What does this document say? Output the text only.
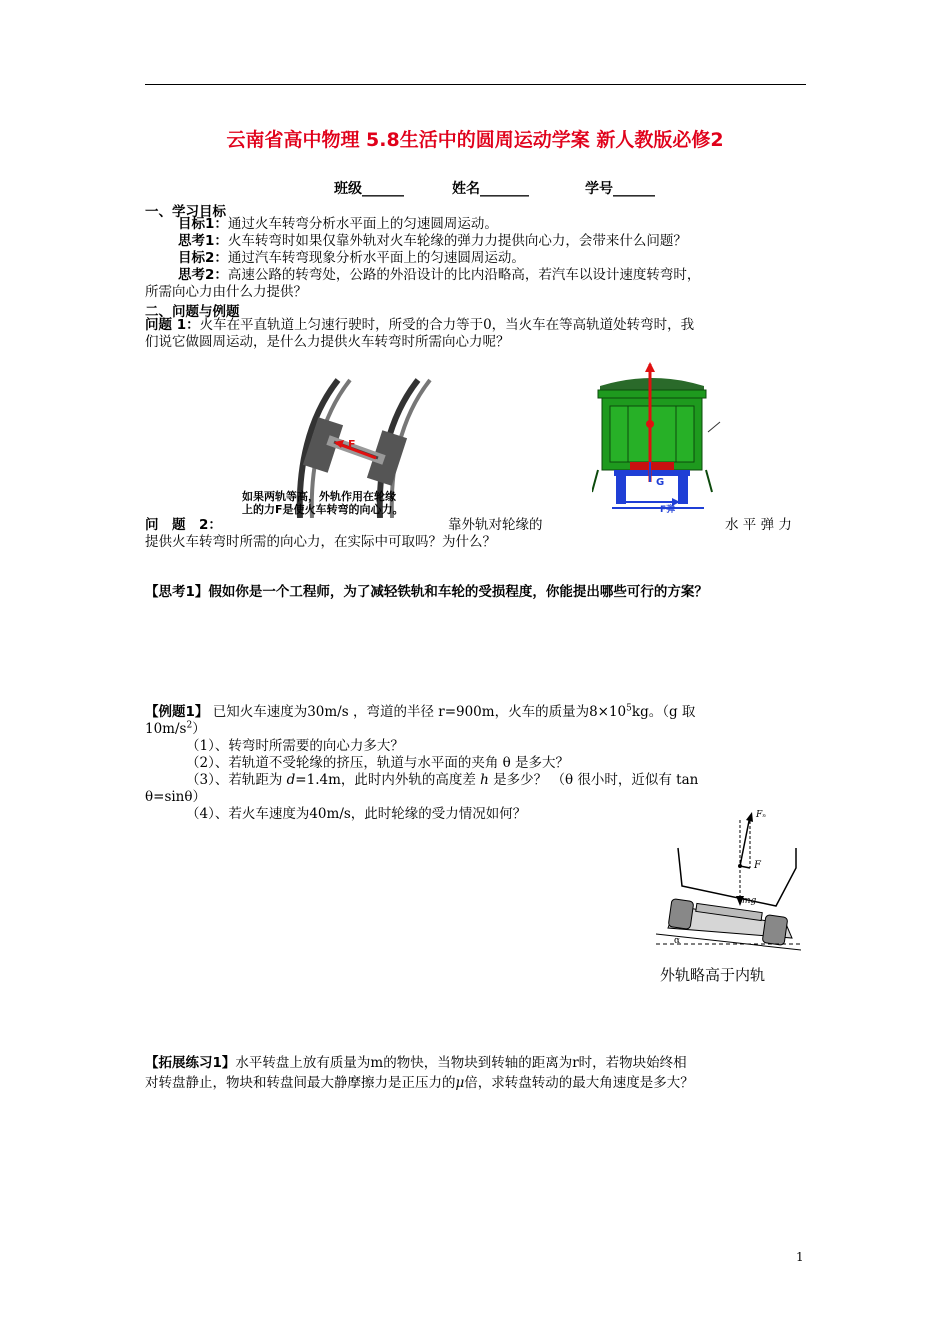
云南省高中物理 5.8生活中的圆周运动学案 新人教版必修2
班级______	姓名_______	学号______
一、学习目标
目标1：通过火车转弯分析水平面上的匀速圆周运动。
思考1：火车转弯时如果仅靠外轨对火车轮缘的弹力力提供向心力，会带来什么问题？
目标2：通过汽车转弯现象分析水平面上的匀速圆周运动。
思考2：高速公路的转弯处，公路的外沿设计的比内沿略高，若汽车以设计速度转弯时，
所需向心力由什么力提供？
二、问题与例题
问题 1：火车在平直轨道上匀速行驶时，所受的合力等于0，当火车在等高轨道处转弯时，我
们说它做圆周运动，是什么力提供火车转弯时所需向心力呢？
F
如果两轨等高，外轨作用在轮缘
上的力F是使火车转弯的向心力。
Fₙ
G
F弹
问　题　2：	靠外轨对轮缘的	水 平 弹 力
提供火车转弯时所需的向心力，在实际中可取吗？为什么？
【思考1】假如你是一个工程师，为了减轻铁轨和车轮的受损程度，你能提出哪些可行的方案？
【例题1】 已知火车速度为30m/s ，弯道的半径 r=900m，火车的质量为$8\times 10^5kg$。（g 取
$10m/s^2$）
（1）、转弯时所需要的向心力多大？
（2）、若轨道不受轮缘的挤压，轨道与水平面的夹角 θ 是多大？
（3）、若轨距为 d=1.4m，此时内外轨的高度差 h 是多少？ （θ 很小时，近似有 tan
θ=sinθ）
（4）、若火车速度为40m/s，此时轮缘的受力情况如何？	Fₙ
F
mg
α
外轨略高于内轨
【拓展练习1】水平转盘上放有质量为m的物快，当物块到转轴的距离为r时，若物块始终相
对转盘静止，物块和转盘间最大静摩擦力是正压力的μ倍，求转盘转动的最大角速度是多大？
1
